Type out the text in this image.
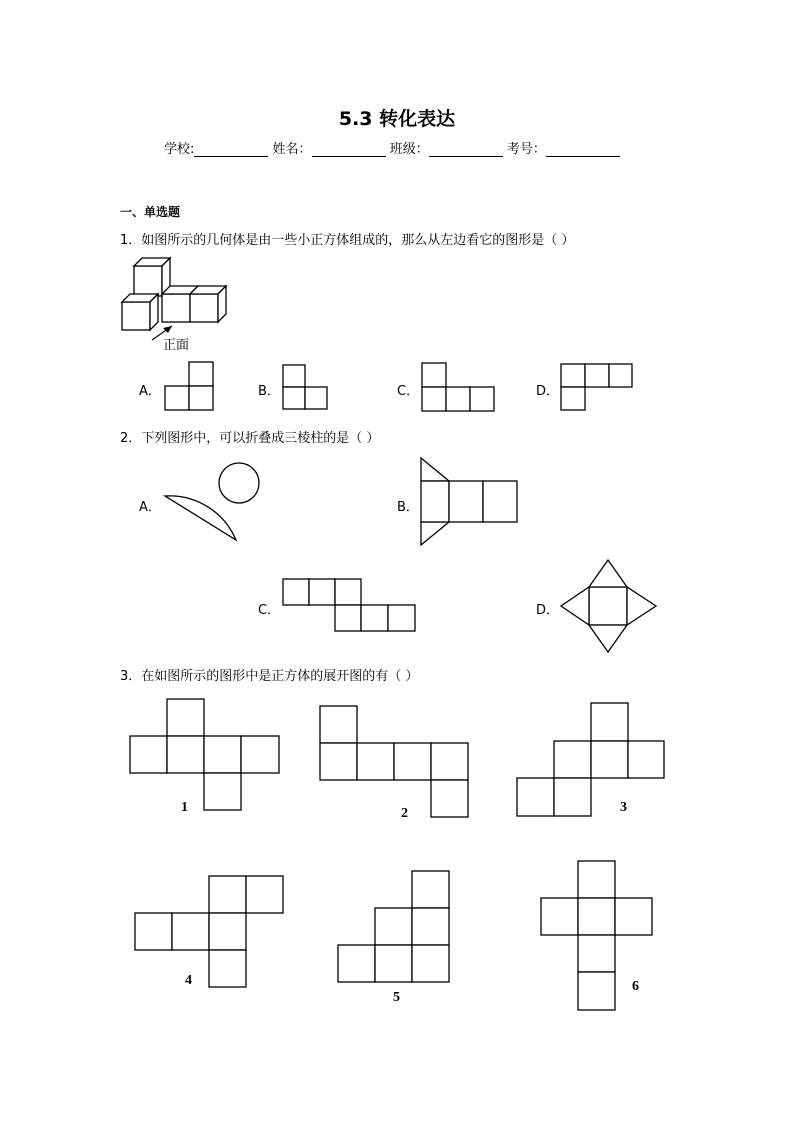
5.3 转化表达
学校:	姓名：	班级：	考号：
一、单选题
1．如图所示的几何体是由一些小正方体组成的，那么从左边看它的图形是（ ）
正面
A．	B．	C．	D．
2．下列图形中，可以折叠成三棱柱的是（ ）
A．	B．
C．	D．
3．在如图所示的图形中是正方体的展开图的有（ ）
1	2	3
4
5
6
